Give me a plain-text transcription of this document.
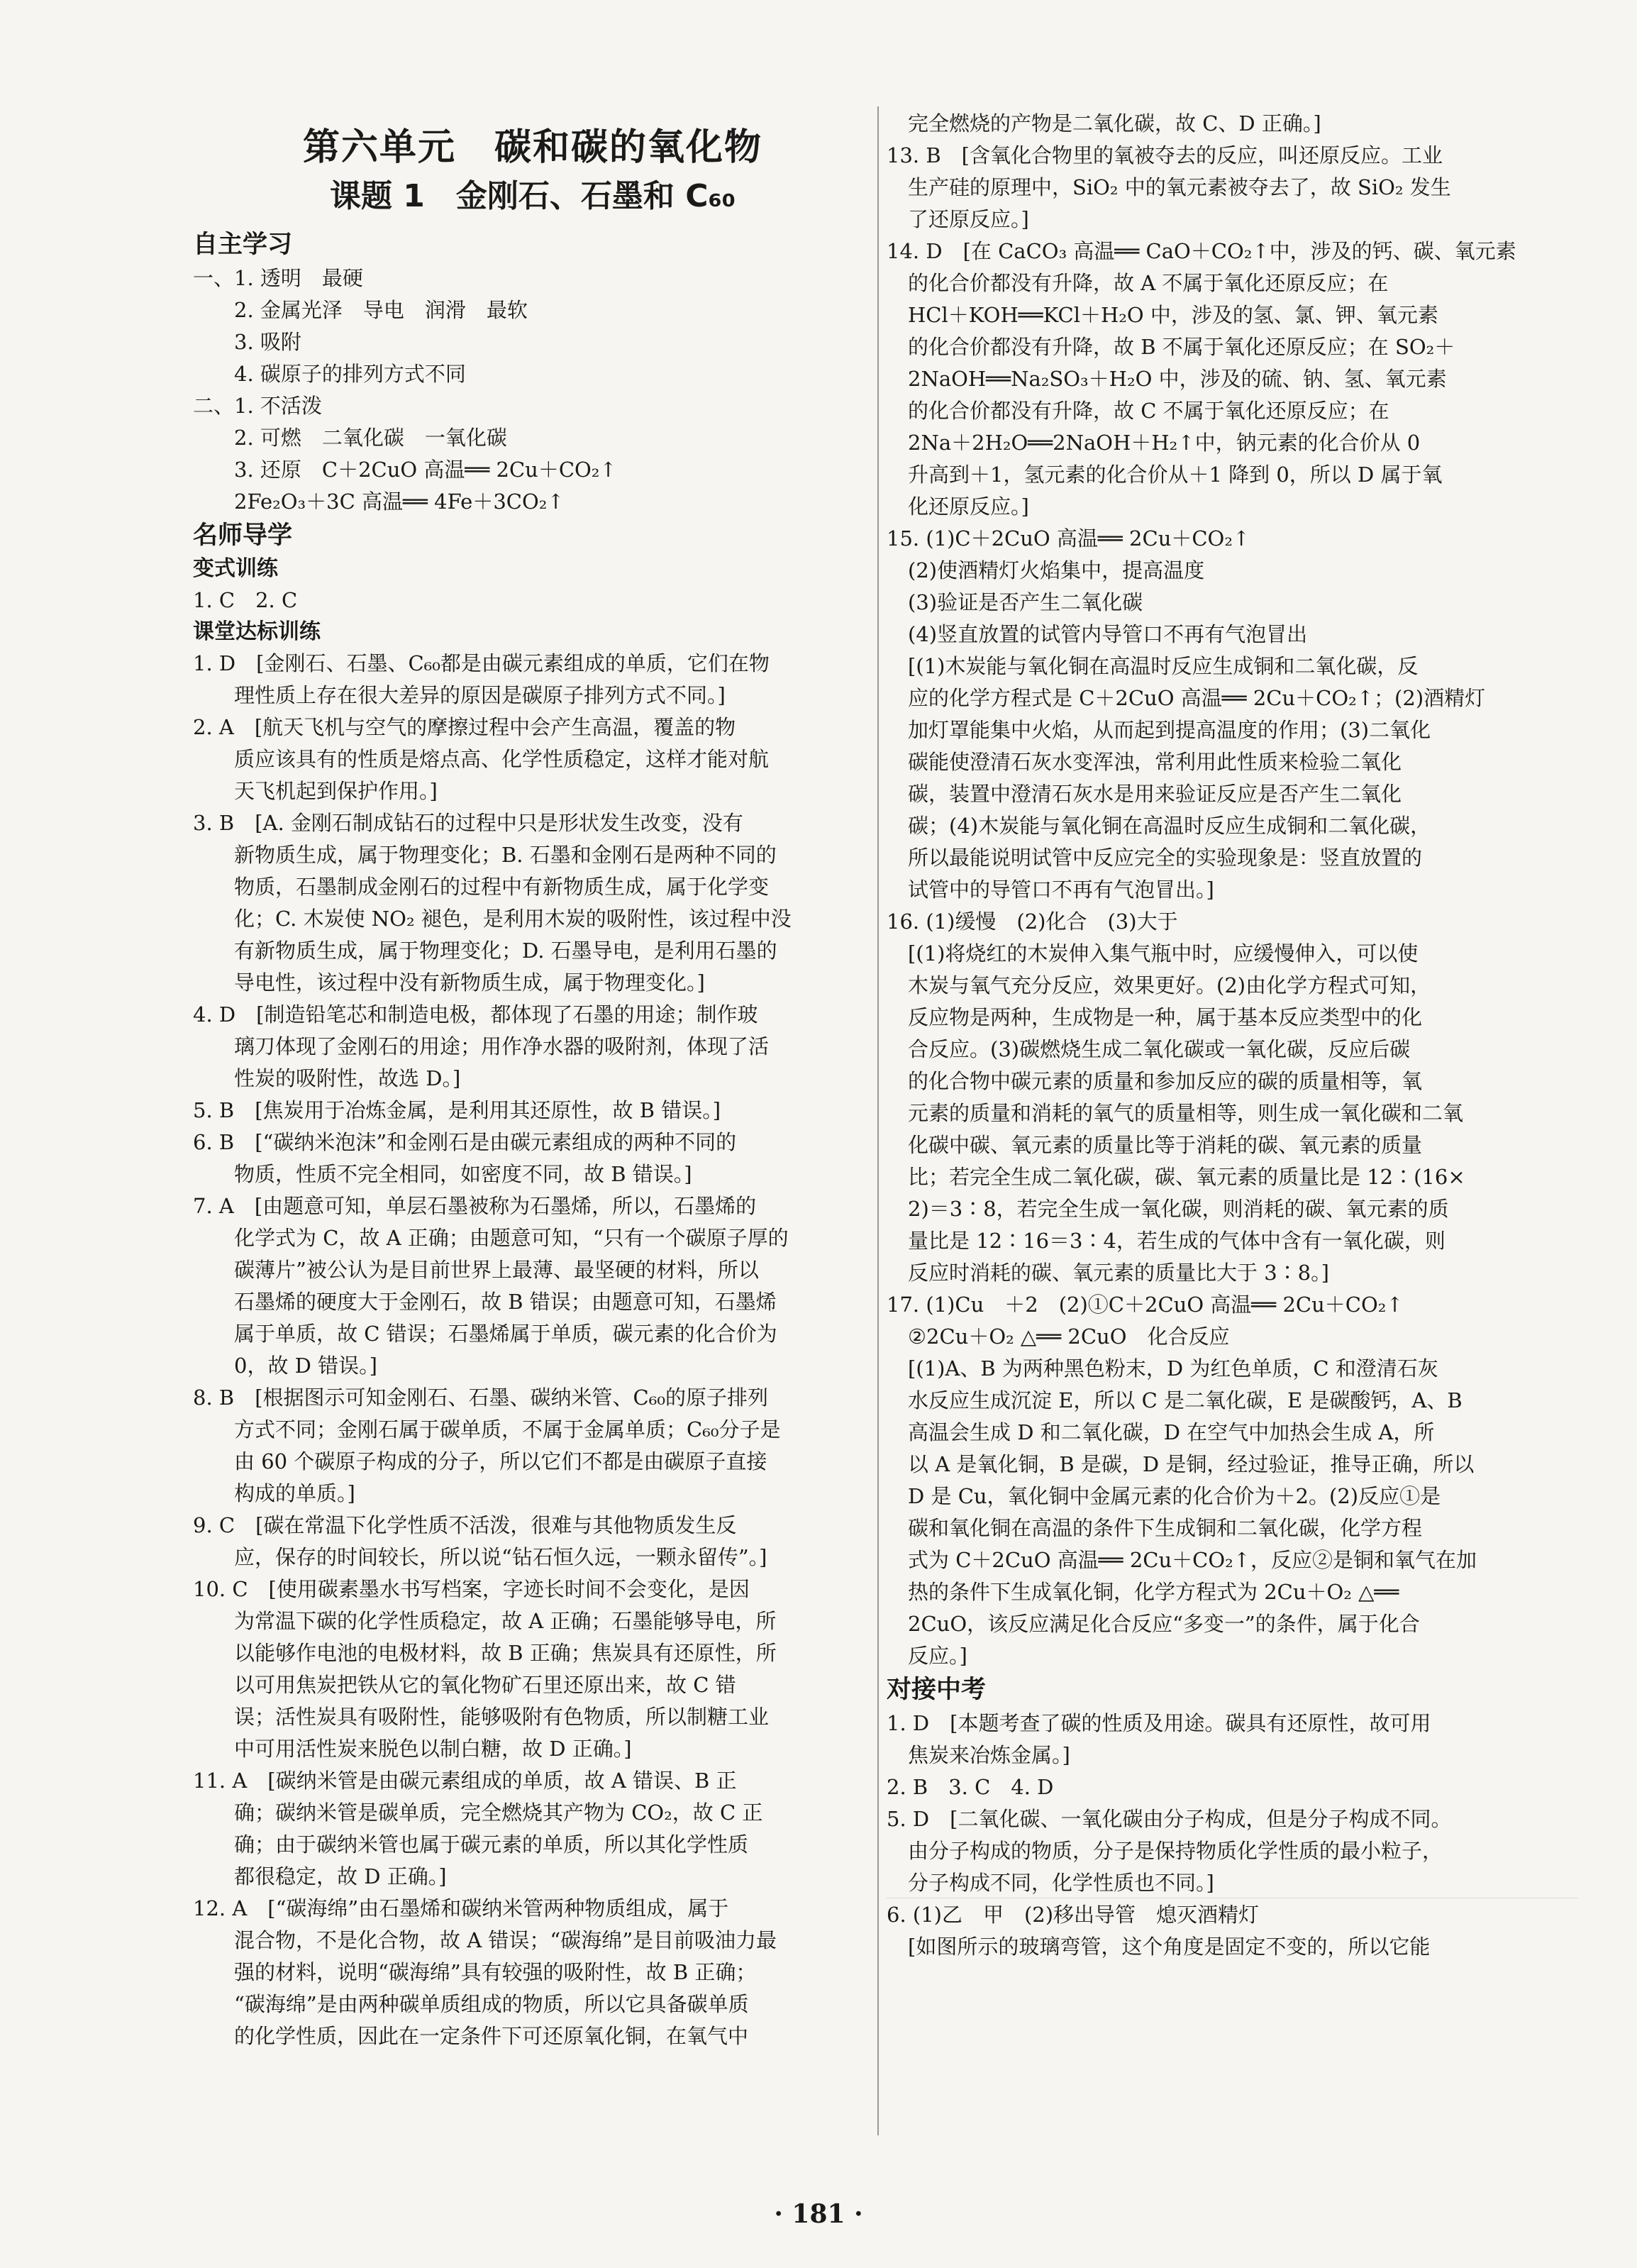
第六单元　碳和碳的氧化物
课题 1　金刚石、石墨和 C₆₀
自主学习
一、1. 透明　最硬
2. 金属光泽　导电　润滑　最软
3. 吸附
4. 碳原子的排列方式不同
二、1. 不活泼
2. 可燃　二氧化碳　一氧化碳
3. 还原　C＋2CuO 高温══ 2Cu＋CO₂↑
2Fe₂O₃＋3C 高温══ 4Fe＋3CO₂↑
名师导学
变式训练
1. C　2. C
课堂达标训练
1. D　[金刚石、石墨、C₆₀都是由碳元素组成的单质，它们在物
理性质上存在很大差异的原因是碳原子排列方式不同。]
2. A　[航天飞机与空气的摩擦过程中会产生高温，覆盖的物
质应该具有的性质是熔点高、化学性质稳定，这样才能对航
天飞机起到保护作用。]
3. B　[A. 金刚石制成钻石的过程中只是形状发生改变，没有
新物质生成，属于物理变化；B. 石墨和金刚石是两种不同的
物质，石墨制成金刚石的过程中有新物质生成，属于化学变
化；C. 木炭使 NO₂ 褪色，是利用木炭的吸附性，该过程中没
有新物质生成，属于物理变化；D. 石墨导电，是利用石墨的
导电性，该过程中没有新物质生成，属于物理变化。]
4. D　[制造铅笔芯和制造电极，都体现了石墨的用途；制作玻
璃刀体现了金刚石的用途；用作净水器的吸附剂，体现了活
性炭的吸附性，故选 D。]
5. B　[焦炭用于冶炼金属，是利用其还原性，故 B 错误。]
6. B　[“碳纳米泡沫”和金刚石是由碳元素组成的两种不同的
物质，性质不完全相同，如密度不同，故 B 错误。]
7. A　[由题意可知，单层石墨被称为石墨烯，所以，石墨烯的
化学式为 C，故 A 正确；由题意可知，“只有一个碳原子厚的
碳薄片”被公认为是目前世界上最薄、最坚硬的材料，所以
石墨烯的硬度大于金刚石，故 B 错误；由题意可知，石墨烯
属于单质，故 C 错误；石墨烯属于单质，碳元素的化合价为
0，故 D 错误。]
8. B　[根据图示可知金刚石、石墨、碳纳米管、C₆₀的原子排列
方式不同；金刚石属于碳单质，不属于金属单质；C₆₀分子是
由 60 个碳原子构成的分子，所以它们不都是由碳原子直接
构成的单质。]
9. C　[碳在常温下化学性质不活泼，很难与其他物质发生反
应，保存的时间较长，所以说“钻石恒久远，一颗永留传”。]
10. C　[使用碳素墨水书写档案，字迹长时间不会变化，是因
为常温下碳的化学性质稳定，故 A 正确；石墨能够导电，所
以能够作电池的电极材料，故 B 正确；焦炭具有还原性，所
以可用焦炭把铁从它的氧化物矿石里还原出来，故 C 错
误；活性炭具有吸附性，能够吸附有色物质，所以制糖工业
中可用活性炭来脱色以制白糖，故 D 正确。]
11. A　[碳纳米管是由碳元素组成的单质，故 A 错误、B 正
确；碳纳米管是碳单质，完全燃烧其产物为 CO₂，故 C 正
确；由于碳纳米管也属于碳元素的单质，所以其化学性质
都很稳定，故 D 正确。]
12. A　[“碳海绵”由石墨烯和碳纳米管两种物质组成，属于
混合物，不是化合物，故 A 错误；“碳海绵”是目前吸油力最
强的材料，说明“碳海绵”具有较强的吸附性，故 B 正确；
“碳海绵”是由两种碳单质组成的物质，所以它具备碳单质
的化学性质，因此在一定条件下可还原氧化铜，在氧气中
完全燃烧的产物是二氧化碳，故 C、D 正确。]
13. B　[含氧化合物里的氧被夺去的反应，叫还原反应。工业
生产硅的原理中，SiO₂ 中的氧元素被夺去了，故 SiO₂ 发生
了还原反应。]
14. D　[在 CaCO₃ 高温══ CaO＋CO₂↑中，涉及的钙、碳、氧元素
的化合价都没有升降，故 A 不属于氧化还原反应；在
HCl＋KOH══KCl＋H₂O 中，涉及的氢、氯、钾、氧元素
的化合价都没有升降，故 B 不属于氧化还原反应；在 SO₂＋
2NaOH══Na₂SO₃＋H₂O 中，涉及的硫、钠、氢、氧元素
的化合价都没有升降，故 C 不属于氧化还原反应；在
2Na＋2H₂O══2NaOH＋H₂↑中，钠元素的化合价从 0
升高到＋1，氢元素的化合价从＋1 降到 0，所以 D 属于氧
化还原反应。]
15. (1)C＋2CuO 高温══ 2Cu＋CO₂↑
(2)使酒精灯火焰集中，提高温度
(3)验证是否产生二氧化碳
(4)竖直放置的试管内导管口不再有气泡冒出
[(1)木炭能与氧化铜在高温时反应生成铜和二氧化碳，反
应的化学方程式是 C＋2CuO 高温══ 2Cu＋CO₂↑；(2)酒精灯
加灯罩能集中火焰，从而起到提高温度的作用；(3)二氧化
碳能使澄清石灰水变浑浊，常利用此性质来检验二氧化
碳，装置中澄清石灰水是用来验证反应是否产生二氧化
碳；(4)木炭能与氧化铜在高温时反应生成铜和二氧化碳，
所以最能说明试管中反应完全的实验现象是：竖直放置的
试管中的导管口不再有气泡冒出。]
16. (1)缓慢　(2)化合　(3)大于
[(1)将烧红的木炭伸入集气瓶中时，应缓慢伸入，可以使
木炭与氧气充分反应，效果更好。(2)由化学方程式可知，
反应物是两种，生成物是一种，属于基本反应类型中的化
合反应。(3)碳燃烧生成二氧化碳或一氧化碳，反应后碳
的化合物中碳元素的质量和参加反应的碳的质量相等，氧
元素的质量和消耗的氧气的质量相等，则生成一氧化碳和二氧
化碳中碳、氧元素的质量比等于消耗的碳、氧元素的质量
比；若完全生成二氧化碳，碳、氧元素的质量比是 12∶(16×
2)＝3∶8，若完全生成一氧化碳，则消耗的碳、氧元素的质
量比是 12∶16＝3∶4，若生成的气体中含有一氧化碳，则
反应时消耗的碳、氧元素的质量比大于 3∶8。]
17. (1)Cu　＋2　(2)①C＋2CuO 高温══ 2Cu＋CO₂↑
②2Cu＋O₂ △══ 2CuO　化合反应
[(1)A、B 为两种黑色粉末，D 为红色单质，C 和澄清石灰
水反应生成沉淀 E，所以 C 是二氧化碳，E 是碳酸钙，A、B
高温会生成 D 和二氧化碳，D 在空气中加热会生成 A，所
以 A 是氧化铜，B 是碳，D 是铜，经过验证，推导正确，所以
D 是 Cu，氧化铜中金属元素的化合价为＋2。(2)反应①是
碳和氧化铜在高温的条件下生成铜和二氧化碳，化学方程
式为 C＋2CuO 高温══ 2Cu＋CO₂↑，反应②是铜和氧气在加
热的条件下生成氧化铜，化学方程式为 2Cu＋O₂ △══
2CuO，该反应满足化合反应“多变一”的条件，属于化合
反应。]
对接中考
1. D　[本题考查了碳的性质及用途。碳具有还原性，故可用
焦炭来冶炼金属。]
2. B　3. C　4. D
5. D　[二氧化碳、一氧化碳由分子构成，但是分子构成不同。
由分子构成的物质，分子是保持物质化学性质的最小粒子，
分子构成不同，化学性质也不同。]
6. (1)乙　甲　(2)移出导管　熄灭酒精灯
[如图所示的玻璃弯管，这个角度是固定不变的，所以它能
· 181 ·
